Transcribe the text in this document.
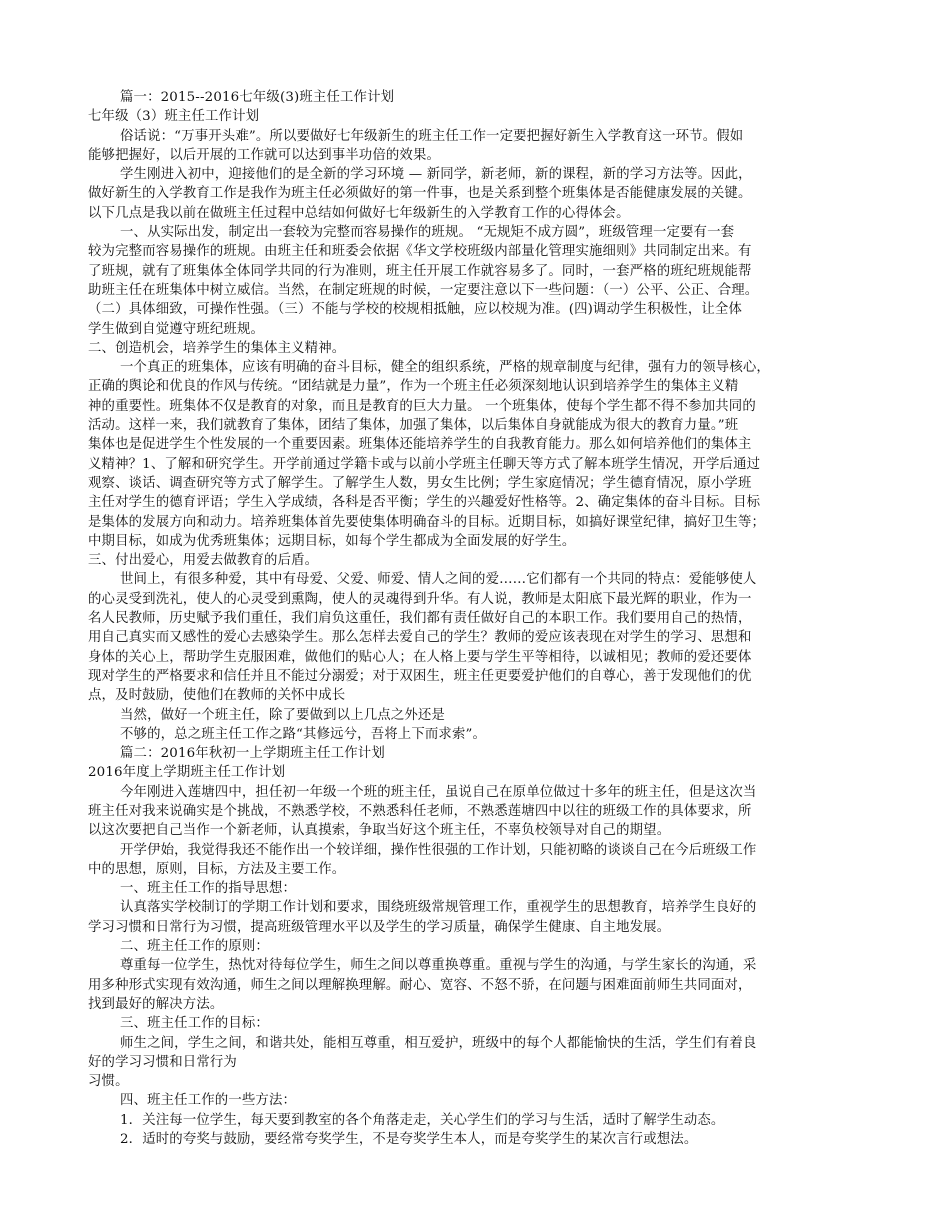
篇一：2015--2016七年级(3)班主任工作计划
七年级（3）班主任工作计划
俗话说：“万事开头难”。所以要做好七年级新生的班主任工作一定要把握好新生入学教育这一环节。假如
能够把握好，以后开展的工作就可以达到事半功倍的效果。
学生刚进入初中，迎接他们的是全新的学习环境 — 新同学，新老师，新的课程，新的学习方法等。因此，
做好新生的入学教育工作是我作为班主任必须做好的第一件事，也是关系到整个班集体是否能健康发展的关键。
以下几点是我以前在做班主任过程中总结如何做好七年级新生的入学教育工作的心得体会。
一、从实际出发，制定出一套较为完整而容易操作的班规。 “无规矩不成方圆”，班级管理一定要有一套
较为完整而容易操作的班规。由班主任和班委会依据《华文学校班级内部量化管理实施细则》共同制定出来。有
了班规，就有了班集体全体同学共同的行为准则，班主任开展工作就容易多了。同时，一套严格的班纪班规能帮
助班主任在班集体中树立威信。当然，在制定班规的时候，一定要注意以下一些问题：（一）公平、公正、合理。
（二）具体细致，可操作性强。（三）不能与学校的校规相抵触，应以校规为准。(四)调动学生积极性，让全体
学生做到自觉遵守班纪班规。
二、创造机会，培养学生的集体主义精神。
一个真正的班集体，应该有明确的奋斗目标，健全的组织系统，严格的规章制度与纪律，强有力的领导核心，
正确的舆论和优良的作风与传统。“团结就是力量”，作为一个班主任必须深刻地认识到培养学生的集体主义精
神的重要性。班集体不仅是教育的对象，而且是教育的巨大力量。 一个班集体，使每个学生都不得不参加共同的
活动。这样一来，我们就教育了集体，团结了集体，加强了集体，以后集体自身就能成为很大的教育力量。”班
集体也是促进学生个性发展的一个重要因素。班集体还能培养学生的自我教育能力。那么如何培养他们的集体主
义精神？1、了解和研究学生。开学前通过学籍卡或与以前小学班主任聊天等方式了解本班学生情况，开学后通过
观察、谈话、调查研究等方式了解学生。了解学生人数，男女生比例；学生家庭情况；学生德育情况，原小学班
主任对学生的德育评语；学生入学成绩，各科是否平衡；学生的兴趣爱好性格等。2、确定集体的奋斗目标。目标
是集体的发展方向和动力。培养班集体首先要使集体明确奋斗的目标。近期目标，如搞好课堂纪律，搞好卫生等；
中期目标，如成为优秀班集体；远期目标，如每个学生都成为全面发展的好学生。
三、付出爱心，用爱去做教育的后盾。
世间上，有很多种爱，其中有母爱、父爱、师爱、情人之间的爱……它们都有一个共同的特点：爱能够使人
的心灵受到洗礼，使人的心灵受到熏陶，使人的灵魂得到升华。有人说，教师是太阳底下最光辉的职业，作为一
名人民教师，历史赋予我们重任，我们肩负这重任，我们都有责任做好自己的本职工作。我们要用自己的热情，
用自己真实而又感性的爱心去感染学生。那么怎样去爱自己的学生？教师的爱应该表现在对学生的学习、思想和
身体的关心上，帮助学生克服困难，做他们的贴心人；在人格上要与学生平等相待，以诚相见；教师的爱还要体
现对学生的严格要求和信任并且不能过分溺爱；对于双困生，班主任更要爱护他们的自尊心，善于发现他们的优
点，及时鼓励，使他们在教师的关怀中成长
当然，做好一个班主任，除了要做到以上几点之外还是
不够的，总之班主任工作之路“其修远兮，吾将上下而求索”。
篇二：2016年秋初一上学期班主任工作计划
2016年度上学期班主任工作计划
今年刚进入莲塘四中，担任初一年级一个班的班主任，虽说自己在原单位做过十多年的班主任，但是这次当
班主任对我来说确实是个挑战，不熟悉学校，不熟悉科任老师，不熟悉莲塘四中以往的班级工作的具体要求，所
以这次要把自己当作一个新老师，认真摸索，争取当好这个班主任，不辜负校领导对自己的期望。
开学伊始，我觉得我还不能作出一个较详细，操作性很强的工作计划，只能初略的谈谈自己在今后班级工作
中的思想，原则，目标，方法及主要工作。
一、班主任工作的指导思想：
认真落实学校制订的学期工作计划和要求，围绕班级常规管理工作，重视学生的思想教育，培养学生良好的
学习习惯和日常行为习惯，提高班级管理水平以及学生的学习质量，确保学生健康、自主地发展。
二、班主任工作的原则：
尊重每一位学生，热忱对待每位学生，师生之间以尊重换尊重。重视与学生的沟通，与学生家长的沟通，采
用多种形式实现有效沟通，师生之间以理解换理解。耐心、宽容、不怒不骄，在问题与困难面前师生共同面对，
找到最好的解决方法。
三、班主任工作的目标：
师生之间，学生之间，和谐共处，能相互尊重，相互爱护，班级中的每个人都能愉快的生活，学生们有着良
好的学习习惯和日常行为
习惯。
四、班主任工作的一些方法：
1．关注每一位学生，每天要到教室的各个角落走走，关心学生们的学习与生活，适时了解学生动态。
2．适时的夸奖与鼓励，要经常夸奖学生，不是夸奖学生本人，而是夸奖学生的某次言行或想法。
